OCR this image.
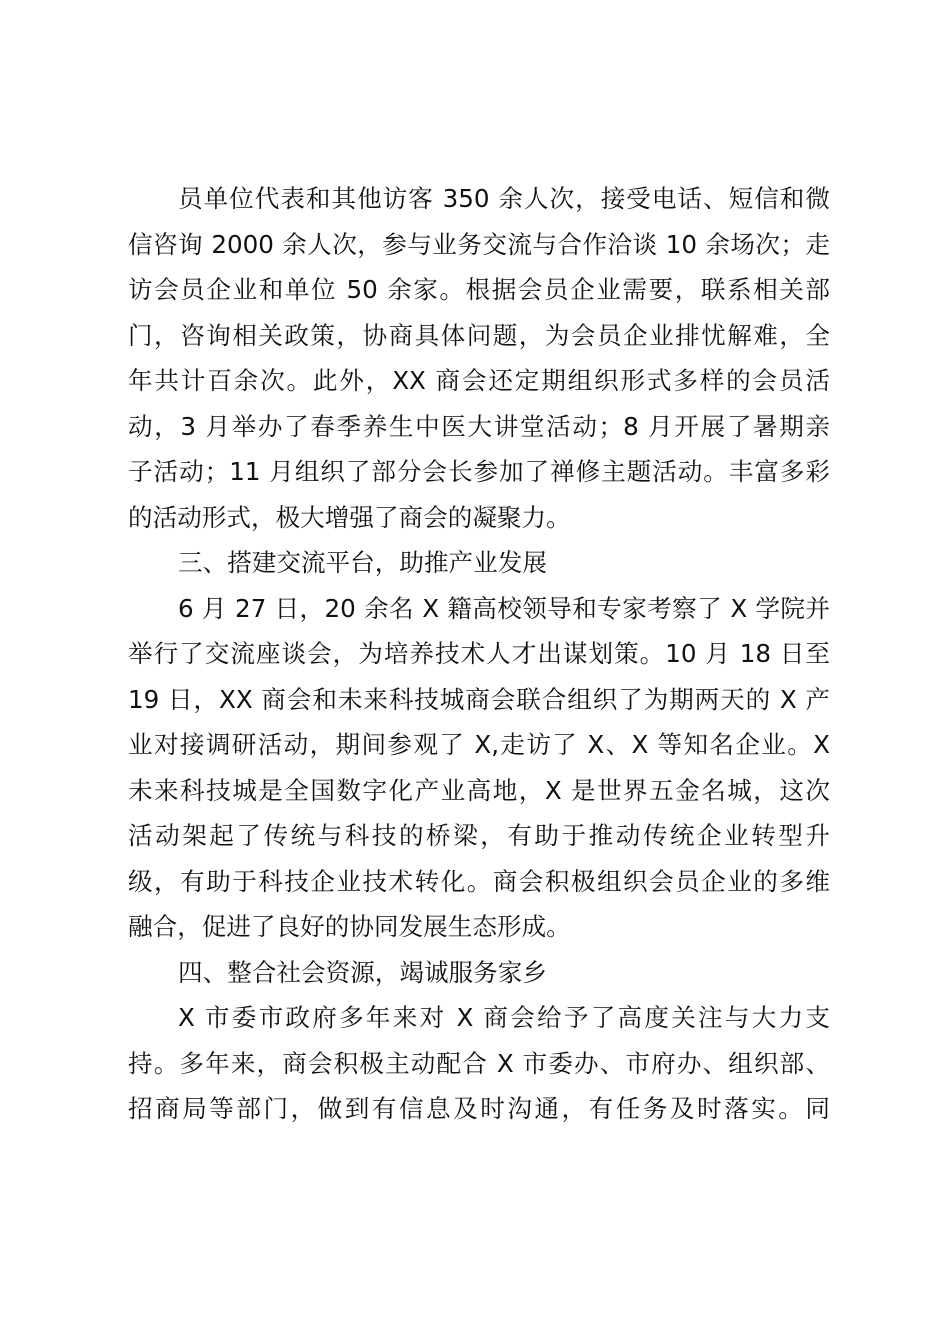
员单位代表和其他访客 350 余人次，接受电话、短信和微
信咨询 2000 余人次，参与业务交流与合作洽谈 10 余场次；走
访会员企业和单位 50 余家。根据会员企业需要，联系相关部
门，咨询相关政策，协商具体问题，为会员企业排忧解难，全
年共计百余次。此外，XX 商会还定期组织形式多样的会员活
动，3 月举办了春季养生中医大讲堂活动；8 月开展了暑期亲
子活动；11 月组织了部分会长参加了禅修主题活动。丰富多彩
的活动形式，极大增强了商会的凝聚力。
三、搭建交流平台，助推产业发展
6 月 27 日，20 余名 X 籍高校领导和专家考察了 X 学院并
举行了交流座谈会，为培养技术人才出谋划策。10 月 18 日至
19 日，XX 商会和未来科技城商会联合组织了为期两天的 X 产
业对接调研活动，期间参观了 X,走访了 X、X 等知名企业。X
未来科技城是全国数字化产业高地，X 是世界五金名城，这次
活动架起了传统与科技的桥梁，有助于推动传统企业转型升
级，有助于科技企业技术转化。商会积极组织会员企业的多维
融合，促进了良好的协同发展生态形成。
四、整合社会资源，竭诚服务家乡
X 市委市政府多年来对 X 商会给予了高度关注与大力支
持。多年来，商会积极主动配合 X 市委办、市府办、组织部、
招商局等部门，做到有信息及时沟通，有任务及时落实。同
